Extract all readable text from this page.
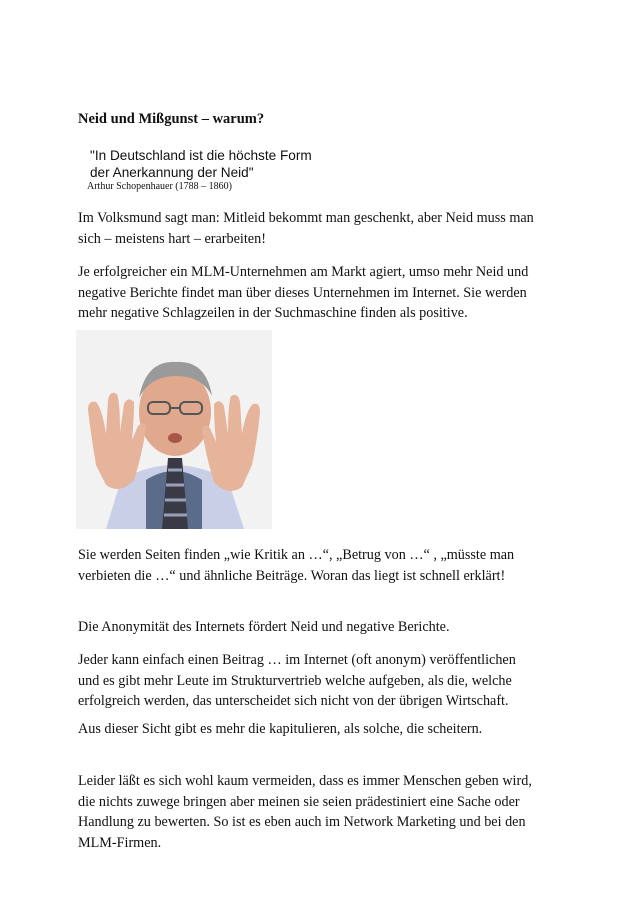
Neid und Mißgunst – warum?
"In Deutschland ist die höchste Form
der Anerkannung der Neid"
Arthur Schopenhauer (1788 – 1860)
Im Volksmund sagt man: Mitleid bekommt man geschenkt, aber Neid muss man
sich – meistens hart – erarbeiten!
Je erfolgreicher ein MLM-Unternehmen am Markt agiert, umso mehr Neid und
negative Berichte findet man über dieses Unternehmen im Internet. Sie werden
mehr negative Schlagzeilen in der Suchmaschine finden als positive.
Sie werden Seiten finden „wie Kritik an …“, „Betrug von …“ , „müsste man
verbieten die …“ und ähnliche Beiträge. Woran das liegt ist schnell erklärt!
Die Anonymität des Internets fördert Neid und negative Berichte.
Jeder kann einfach einen Beitrag … im Internet (oft anonym) veröffentlichen
und es gibt mehr Leute im Strukturvertrieb welche aufgeben, als die, welche
erfolgreich werden, das unterscheidet sich nicht von der übrigen Wirtschaft.
Aus dieser Sicht gibt es mehr die kapitulieren, als solche, die scheitern.
Leider läßt es sich wohl kaum vermeiden, dass es immer Menschen geben wird,
die nichts zuwege bringen aber meinen sie seien prädestiniert eine Sache oder
Handlung zu bewerten. So ist es eben auch im Network Marketing und bei den
MLM-Firmen.
